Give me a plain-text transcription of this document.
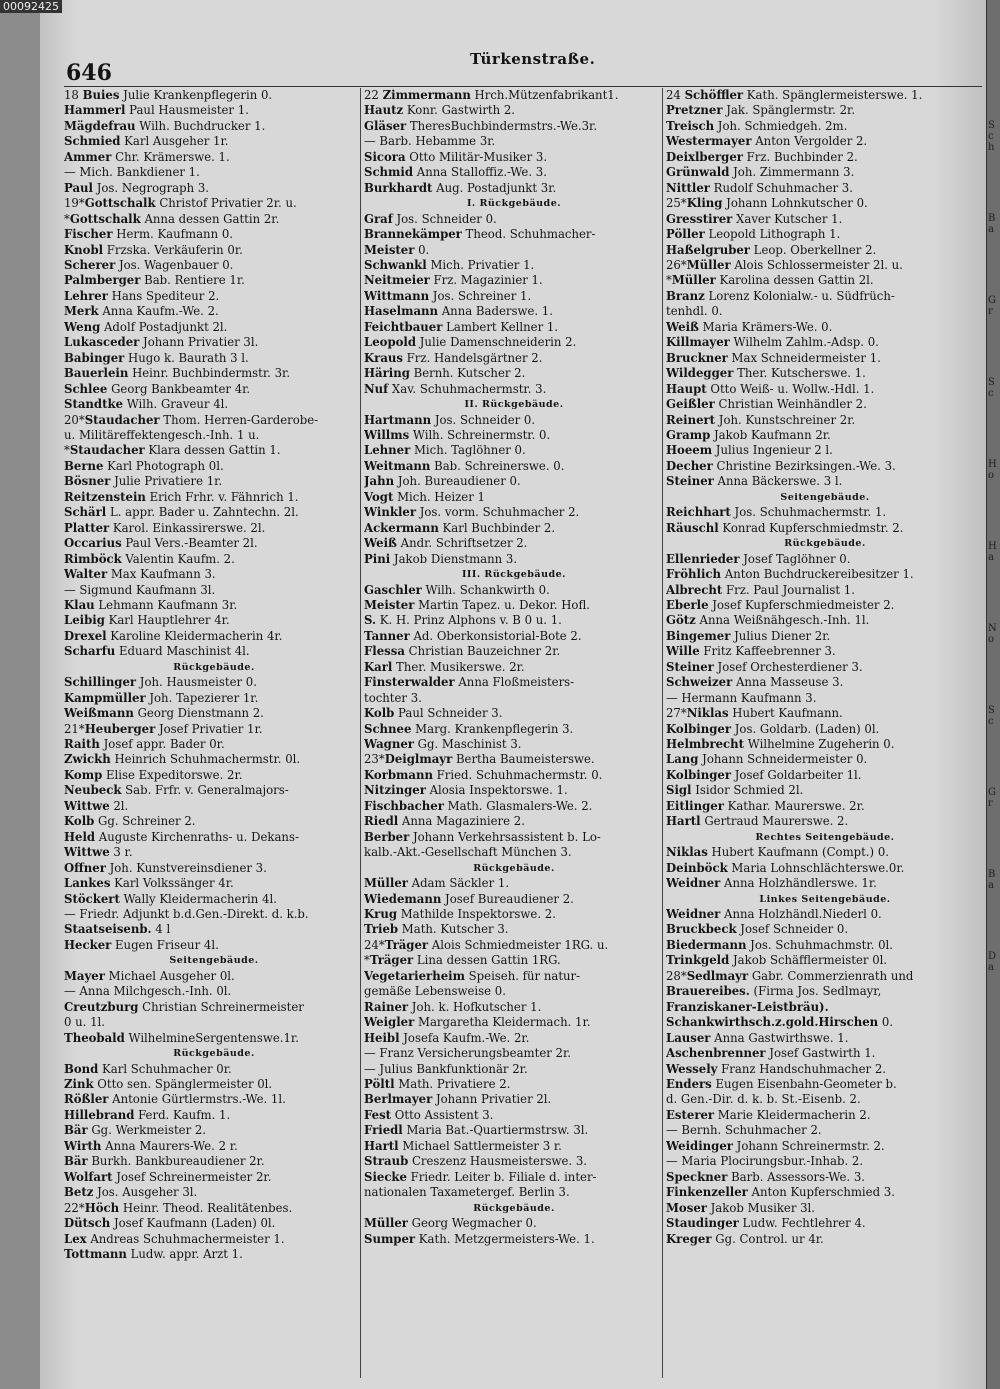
Sch
Ba
Gr
Sc
Ho
Ha
No
Sc
Gr
Ba
Da
00092425
646
Türkenstraße.
18 Buies Julie Krankenpflegerin 0.
Hammerl Paul Hausmeister 1.
Mägdefrau Wilh. Buchdrucker 1.
Schmied Karl Ausgeher 1r.
Ammer Chr. Krämerswe. 1.
— Mich. Bankdiener 1.
Paul Jos. Negrograph 3.
19*Gottschalk Christof Privatier 2r. u.
*Gottschalk Anna dessen Gattin 2r.
Fischer Herm. Kaufmann 0.
Knobl Frzska. Verkäuferin 0r.
Scherer Jos. Wagenbauer 0.
Palmberger Bab. Rentiere 1r.
Lehrer Hans Spediteur 2.
Merk Anna Kaufm.-We. 2.
Weng Adolf Postadjunkt 2l.
Lukasceder Johann Privatier 3l.
Babinger Hugo k. Baurath 3 l.
Bauerlein Heinr. Buchbindermstr. 3r.
Schlee Georg Bankbeamter 4r.
Standtke Wilh. Graveur 4l.
20*Staudacher Thom. Herren-Garderobe-
u. Militäreffektengesch.-Inh. 1 u.
*Staudacher Klara dessen Gattin 1.
Berne Karl Photograph 0l.
Bösner Julie Privatiere 1r.
Reitzenstein Erich Frhr. v. Fähnrich 1.
Schärl L. appr. Bader u. Zahntechn. 2l.
Platter Karol. Einkassirerswe. 2l.
Occarius Paul Vers.-Beamter 2l.
Rimböck Valentin Kaufm. 2.
Walter Max Kaufmann 3.
— Sigmund Kaufmann 3l.
Klau Lehmann Kaufmann 3r.
Leibig Karl Hauptlehrer 4r.
Drexel Karoline Kleidermacherin 4r.
Scharfu Eduard Maschinist 4l.
Rückgebäude.
Schillinger Joh. Hausmeister 0.
Kampmüller Joh. Tapezierer 1r.
Weißmann Georg Dienstmann 2.
21*Heuberger Josef Privatier 1r.
Raith Josef appr. Bader 0r.
Zwickh Heinrich Schuhmachermstr. 0l.
Komp Elise Expeditorswe. 2r.
Neubeck Sab. Frfr. v. Generalmajors-
Wittwe 2l.
Kolb Gg. Schreiner 2.
Held Auguste Kirchenraths- u. Dekans-
Wittwe 3 r.
Offner Joh. Kunstvereinsdiener 3.
Lankes Karl Volkssänger 4r.
Stöckert Wally Kleidermacherin 4l.
— Friedr. Adjunkt b.d.Gen.-Direkt. d. k.b.
Staatseisenb. 4 l
Hecker Eugen Friseur 4l.
Seitengebäude.
Mayer Michael Ausgeher 0l.
— Anna Milchgesch.-Inh. 0l.
Creutzburg Christian Schreinermeister
0 u. 1l.
Theobald WilhelmineSergentenswe.1r.
Rückgebäude.
Bond Karl Schuhmacher 0r.
Zink Otto sen. Spänglermeister 0l.
Rößler Antonie Gürtlermstrs.-We. 1l.
Hillebrand Ferd. Kaufm. 1.
Bär Gg. Werkmeister 2.
Wirth Anna Maurers-We. 2 r.
Bär Burkh. Bankbureaudiener 2r.
Wolfart Josef Schreinermeister 2r.
Betz Jos. Ausgeher 3l.
22*Höch Heinr. Theod. Realitätenbes.
Dütsch Josef Kaufmann (Laden) 0l.
Lex Andreas Schuhmachermeister 1.
Tottmann Ludw. appr. Arzt 1.
22 Zimmermann Hrch.Mützenfabrikant1.
Hautz Konr. Gastwirth 2.
Gläser TheresBuchbindermstrs.-We.3r.
— Barb. Hebamme 3r.
Sicora Otto Militär-Musiker 3.
Schmid Anna Stalloffiz.-We. 3.
Burkhardt Aug. Postadjunkt 3r.
I. Rückgebäude.
Graf Jos. Schneider 0.
Brannekämper Theod. Schuhmacher-
Meister 0.
Schwankl Mich. Privatier 1.
Neitmeier Frz. Magazinier 1.
Wittmann Jos. Schreiner 1.
Haselmann Anna Baderswe. 1.
Feichtbauer Lambert Kellner 1.
Leopold Julie Damenschneiderin 2.
Kraus Frz. Handelsgärtner 2.
Häring Bernh. Kutscher 2.
Nuf Xav. Schuhmachermstr. 3.
II. Rückgebäude.
Hartmann Jos. Schneider 0.
Willms Wilh. Schreinermstr. 0.
Lehner Mich. Taglöhner 0.
Weitmann Bab. Schreinerswe. 0.
Jahn Joh. Bureaudiener 0.
Vogt Mich. Heizer 1
Winkler Jos. vorm. Schuhmacher 2.
Ackermann Karl Buchbinder 2.
Weiß Andr. Schriftsetzer 2.
Pini Jakob Dienstmann 3.
III. Rückgebäude.
Gaschler Wilh. Schankwirth 0.
Meister Martin Tapez. u. Dekor. Hofl.
S. K. H. Prinz Alphons v. B 0 u. 1.
Tanner Ad. Oberkonsistorial-Bote 2.
Flessa Christian Bauzeichner 2r.
Karl Ther. Musikerswe. 2r.
Finsterwalder Anna Floßmeisters-
tochter 3.
Kolb Paul Schneider 3.
Schnee Marg. Krankenpflegerin 3.
Wagner Gg. Maschinist 3.
23*Deiglmayr Bertha Baumeisterswe.
Korbmann Fried. Schuhmachermstr. 0.
Nitzinger Alosia Inspektorswe. 1.
Fischbacher Math. Glasmalers-We. 2.
Riedl Anna Magaziniere 2.
Berber Johann Verkehrsassistent b. Lo-
kalb.-Akt.-Gesellschaft München 3.
Rückgebäude.
Müller Adam Säckler 1.
Wiedemann Josef Bureaudiener 2.
Krug Mathilde Inspektorswe. 2.
Trieb Math. Kutscher 3.
24*Träger Alois Schmiedmeister 1RG. u.
*Träger Lina dessen Gattin 1RG.
Vegetarierheim Speiseh. für natur-
gemäße Lebensweise 0.
Rainer Joh. k. Hofkutscher 1.
Weigler Margaretha Kleidermach. 1r.
Heibl Josefa Kaufm.-We. 2r.
— Franz Versicherungsbeamter 2r.
— Julius Bankfunktionär 2r.
Pöltl Math. Privatiere 2.
Berlmayer Johann Privatier 2l.
Fest Otto Assistent 3.
Friedl Maria Bat.-Quartiermstrsw. 3l.
Hartl Michael Sattlermeister 3 r.
Straub Creszenz Hausmeisterswe. 3.
Siecke Friedr. Leiter b. Filiale d. inter-
nationalen Taxametergef. Berlin 3.
Rückgebäude.
Müller Georg Wegmacher 0.
Sumper Kath. Metzgermeisters-We. 1.
24 Schöffler Kath. Spänglermeisterswe. 1.
Pretzner Jak. Spänglermstr. 2r.
Treisch Joh. Schmiedgeh. 2m.
Westermayer Anton Vergolder 2.
Deixlberger Frz. Buchbinder 2.
Grünwald Joh. Zimmermann 3.
Nittler Rudolf Schuhmacher 3.
25*Kling Johann Lohnkutscher 0.
Gresstirer Xaver Kutscher 1.
Pöller Leopold Lithograph 1.
Haßelgruber Leop. Oberkellner 2.
26*Müller Alois Schlossermeister 2l. u.
*Müller Karolina dessen Gattin 2l.
Branz Lorenz Kolonialw.- u. Südfrüch-
tenhdl. 0.
Weiß Maria Krämers-We. 0.
Killmayer Wilhelm Zahlm.-Adsp. 0.
Bruckner Max Schneidermeister 1.
Wildegger Ther. Kutscherswe. 1.
Haupt Otto Weiß- u. Wollw.-Hdl. 1.
Geißler Christian Weinhändler 2.
Reinert Joh. Kunstschreiner 2r.
Gramp Jakob Kaufmann 2r.
Hoeem Julius Ingenieur 2 l.
Decher Christine Bezirksingen.-We. 3.
Steiner Anna Bäckerswe. 3 l.
Seitengebäude.
Reichhart Jos. Schuhmachermstr. 1.
Räuschl Konrad Kupferschmiedmstr. 2.
Rückgebäude.
Ellenrieder Josef Taglöhner 0.
Fröhlich Anton Buchdruckereibesitzer 1.
Albrecht Frz. Paul Journalist 1.
Eberle Josef Kupferschmiedmeister 2.
Götz Anna Weißnähgesch.-Inh. 1l.
Bingemer Julius Diener 2r.
Wille Fritz Kaffeebrenner 3.
Steiner Josef Orchesterdiener 3.
Schweizer Anna Masseuse 3.
— Hermann Kaufmann 3.
27*Niklas Hubert Kaufmann.
Kolbinger Jos. Goldarb. (Laden) 0l.
Helmbrecht Wilhelmine Zugeherin 0.
Lang Johann Schneidermeister 0.
Kolbinger Josef Goldarbeiter 1l.
Sigl Isidor Schmied 2l.
Eitlinger Kathar. Maurerswe. 2r.
Hartl Gertraud Maurerswe. 2.
Rechtes Seitengebäude.
Niklas Hubert Kaufmann (Compt.) 0.
Deinböck Maria Lohnschlächterswe.0r.
Weidner Anna Holzhändlerswe. 1r.
Linkes Seitengebäude.
Weidner Anna Holzhändl.Niederl 0.
Bruckbeck Josef Schneider 0.
Biedermann Jos. Schuhmachmstr. 0l.
Trinkgeld Jakob Schäfflermeister 0l.
28*Sedlmayr Gabr. Commerzienrath und
Brauereibes. (Firma Jos. Sedlmayr,
Franziskaner-Leistbräu).
Schankwirthsch.z.gold.Hirschen 0.
Lauser Anna Gastwirthswe. 1.
Aschenbrenner Josef Gastwirth 1.
Wessely Franz Handschuhmacher 2.
Enders Eugen Eisenbahn-Geometer b.
d. Gen.-Dir. d. k. b. St.-Eisenb. 2.
Esterer Marie Kleidermacherin 2.
— Bernh. Schuhmacher 2.
Weidinger Johann Schreinermstr. 2.
— Maria Plocirungsbur.-Inhab. 2.
Speckner Barb. Assessors-We. 3.
Finkenzeller Anton Kupferschmied 3.
Moser Jakob Musiker 3l.
Staudinger Ludw. Fechtlehrer 4.
Kreger Gg. Control. ur 4r.
